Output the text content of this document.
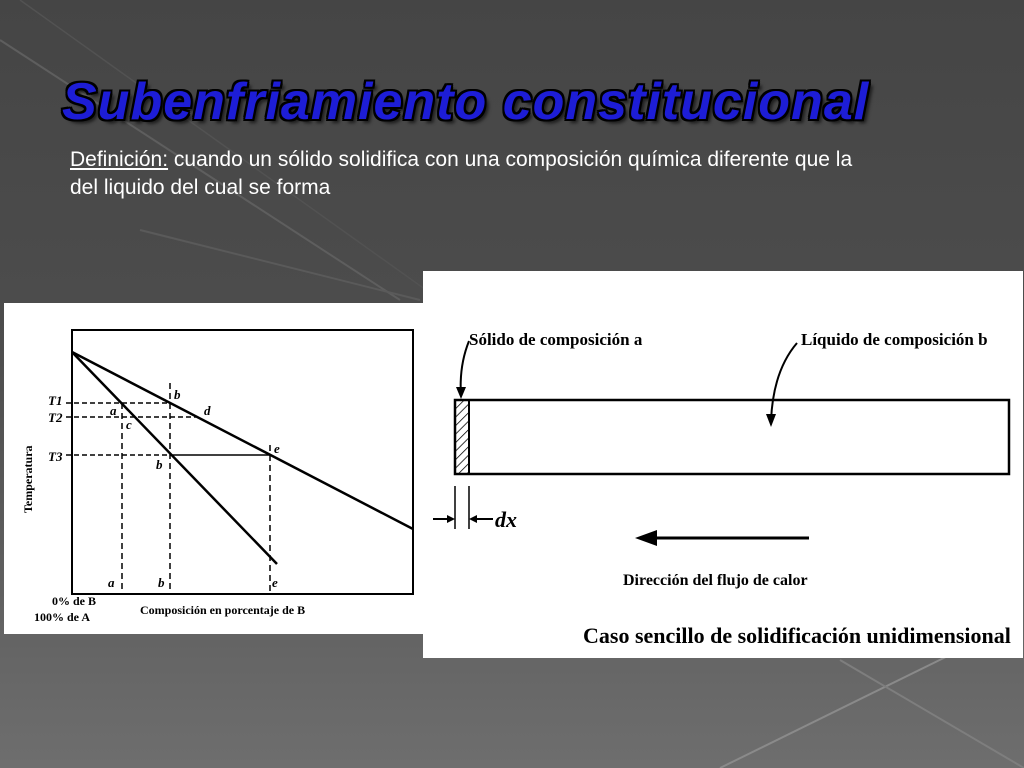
Subenfriamiento constitucional

Definición: cuando un sólido solidifica con una composición química diferente que la del liquido del cual se forma

T1
T2
T3
Temperatura
b
a	d
c
e
b
a	b	e
0% de B
100% de A	Composición en porcentaje de B
Sólido de composición a	Líquido de composición b
dx
Dirección del flujo de calor
Caso sencillo de solidificación unidimensional
